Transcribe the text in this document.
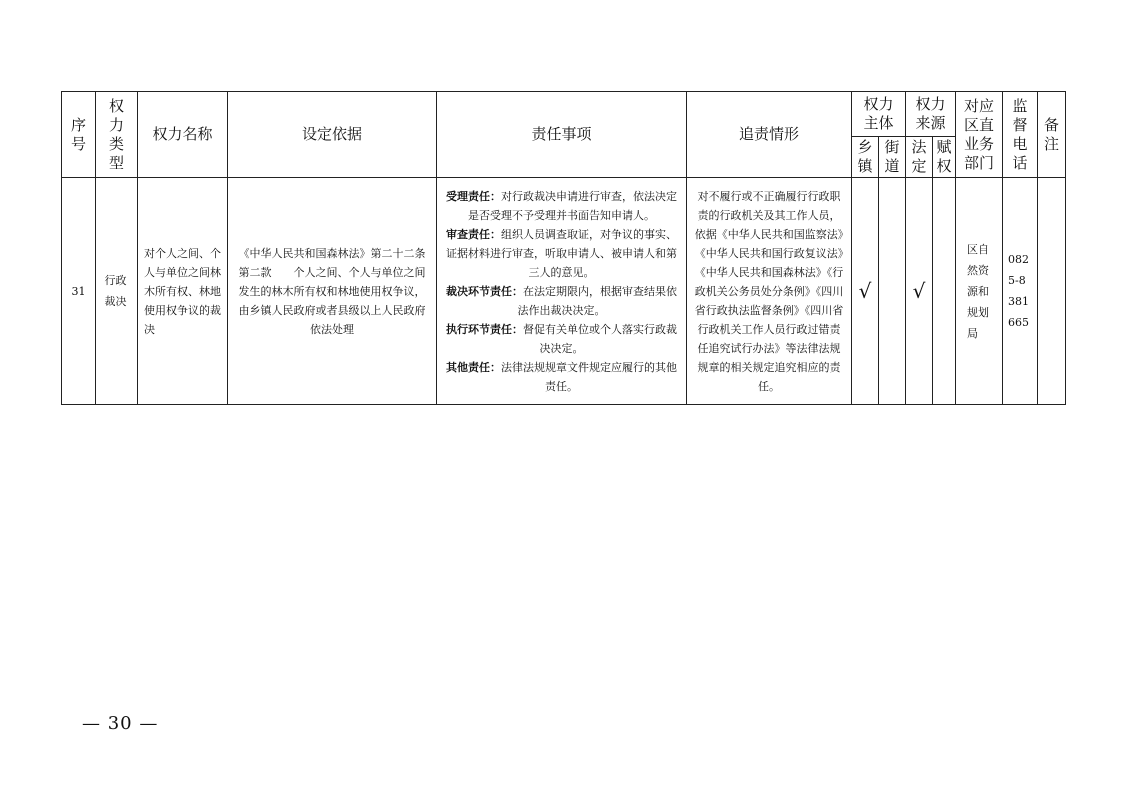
序号	权力类型	权力名称	设定依据	责任事项	追责情形	权力主体		权力来源		对应区直业务部门	监督电话	备注
						乡镇	街道	法定	赋权			
31	行政裁决	对个人之间、个人与单位之间林木所有权、林地使用权争议的裁决	《中华人民共和国森林法》第二十二条第二款　　个人之间、个人与单位之间发生的林木所有权和林地使用权争议，由乡镇人民政府或者县级以上人民政府依法处理	受理责任：对行政裁决申请进行审查，依法决定是否受理不予受理并书面告知申请人。
审查责任：组织人员调查取证，对争议的事实、证据材料进行审查，听取申请人、被申请人和第三人的意见。
裁决环节责任：在法定期限内，根据审查结果依法作出裁决决定。
执行环节责任：督促有关单位或个人落实行政裁决决定。
其他责任：法律法规规章文件规定应履行的其他责任。	对不履行或不正确履行行政职责的行政机关及其工作人员，依据《中华人民共和国监察法》《中华人民共和国行政复议法》《中华人民共和国森林法》《行政机关公务员处分条例》《四川省行政执法监督条例》《四川省行政机关工作人员行政过错责任追究试行办法》等法律法规规章的相关规定追究相应的责任。	√		√		区自然资源和规划局	0825-8381665	
— 30 —
